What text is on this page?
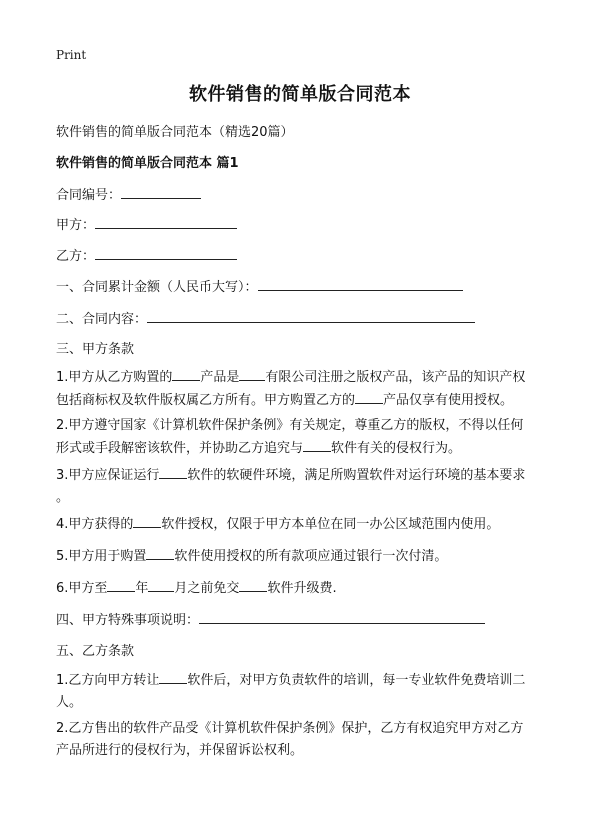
Print
软件销售的简单版合同范本
软件销售的简单版合同范本（精选20篇）
软件销售的简单版合同范本 篇1
合同编号：
甲方：
乙方：
一、合同累计金额（人民币大写）：
二、合同内容：
三、甲方条款
1.甲方从乙方购置的 产品是 有限公司注册之版权产品，该产品的知识产权
包括商标权及软件版权属乙方所有。甲方购置乙方的 产品仅享有使用授权。
2.甲方遵守国家《计算机软件保护条例》有关规定，尊重乙方的版权，不得以任何
形式或手段解密该软件，并协助乙方追究与 软件有关的侵权行为。
3.甲方应保证运行 软件的软硬件环境，满足所购置软件对运行环境的基本要求
。
4.甲方获得的 软件授权，仅限于甲方本单位在同一办公区域范围内使用。
5.甲方用于购置 软件使用授权的所有款项应通过银行一次付清。
6.甲方至 年 月之前免交 软件升级费.
四、甲方特殊事项说明：
五、乙方条款
1.乙方向甲方转让 软件后，对甲方负责软件的培训，每一专业软件免费培训二
人。
2.乙方售出的软件产品受《计算机软件保护条例》保护，乙方有权追究甲方对乙方
产品所进行的侵权行为，并保留诉讼权利。
